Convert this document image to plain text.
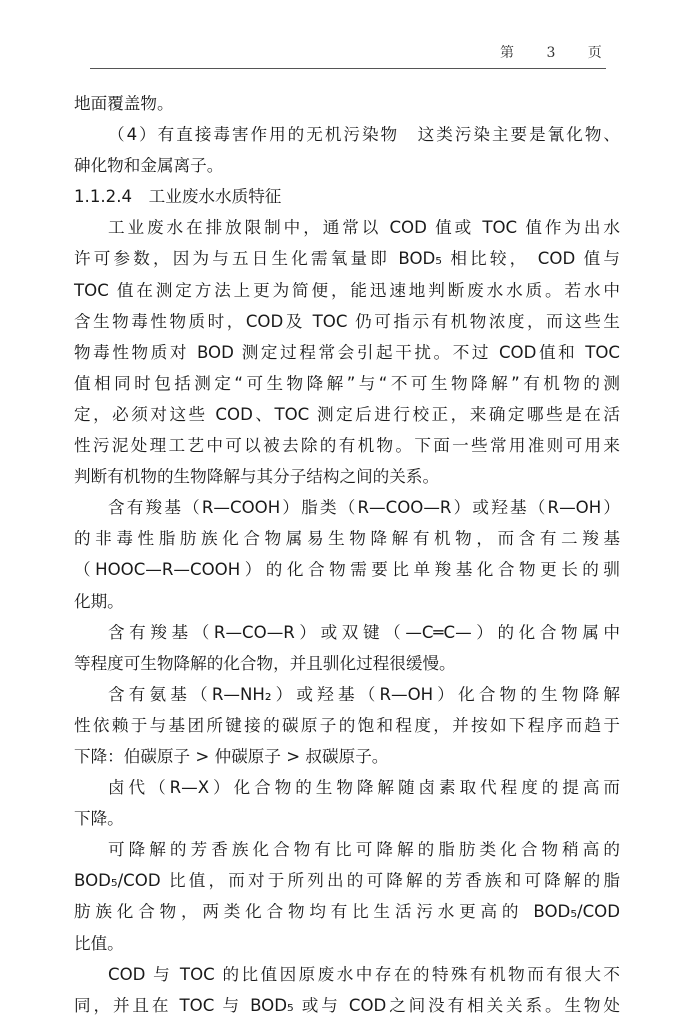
第 3 页
地面覆盖物。
（4）有直接毒害作用的无机污染物　这类污染主要是氰化物、
砷化物和金属离子。
1.1.2.4　工业废水水质特征
工业废水在排放限制中，通常以 COD 值或 TOC 值作为出水
许可参数，因为与五日生化需氧量即 BOD₅ 相比较， COD 值与
TOC 值在测定方法上更为简便，能迅速地判断废水水质。若水中
含生物毒性物质时，COD及 TOC 仍可指示有机物浓度，而这些生
物毒性物质对 BOD 测定过程常会引起干扰。不过 COD值和 TOC
值相同时包括测定“可生物降解”与“不可生物降解”有机物的测
定，必须对这些 COD、TOC 测定后进行校正，来确定哪些是在活
性污泥处理工艺中可以被去除的有机物。下面一些常用准则可用来
判断有机物的生物降解与其分子结构之间的关系。
含有羧基（R—COOH）脂类（R—COO—R）或羟基（R—OH）
的非毒性脂肪族化合物属易生物降解有机物，而含有二羧基
（HOOC—R—COOH）的化合物需要比单羧基化合物更长的驯
化期。
含有羧基（R—CO—R）或双键（—C═C—）的化合物属中
等程度可生物降解的化合物，并且驯化过程很缓慢。
含有氨基（R—NH₂）或羟基（R—OH）化合物的生物降解
性依赖于与基团所键接的碳原子的饱和程度，并按如下程序而趋于
下降：伯碳原子 > 仲碳原子 > 叔碳原子。
卤代（R—X）化合物的生物降解随卤素取代程度的提高而
下降。
可降解的芳香族化合物有比可降解的脂肪类化合物稍高的
BOD₅/COD 比值，而对于所列出的可降解的芳香族和可降解的脂
肪族化合物，两类化合物均有比生活污水更高的 BOD₅/COD
比值。
COD 与 TOC 的比值因原废水中存在的特殊有机物而有很大不
同，并且在 TOC 与 BOD₅ 或与 COD之间没有相关关系。生物处
